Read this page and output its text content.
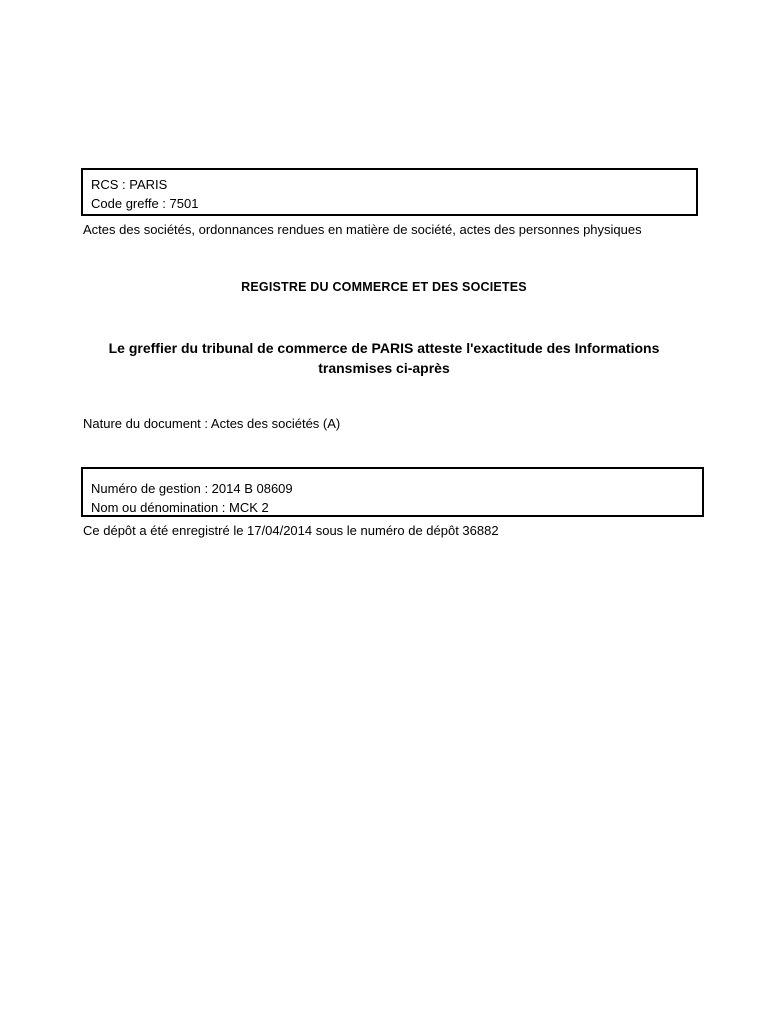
RCS : PARIS
Code greffe : 7501
Actes des sociétés, ordonnances rendues en matière de société, actes des personnes physiques
REGISTRE DU COMMERCE ET DES SOCIETES
Le greffier du tribunal de commerce de PARIS atteste l'exactitude des Informations
transmises ci-après
Nature du document : Actes des sociétés (A)
Numéro de gestion : 2014 B 08609
Nom ou dénomination : MCK 2
Ce dépôt a été enregistré le 17/04/2014 sous le numéro de dépôt 36882
